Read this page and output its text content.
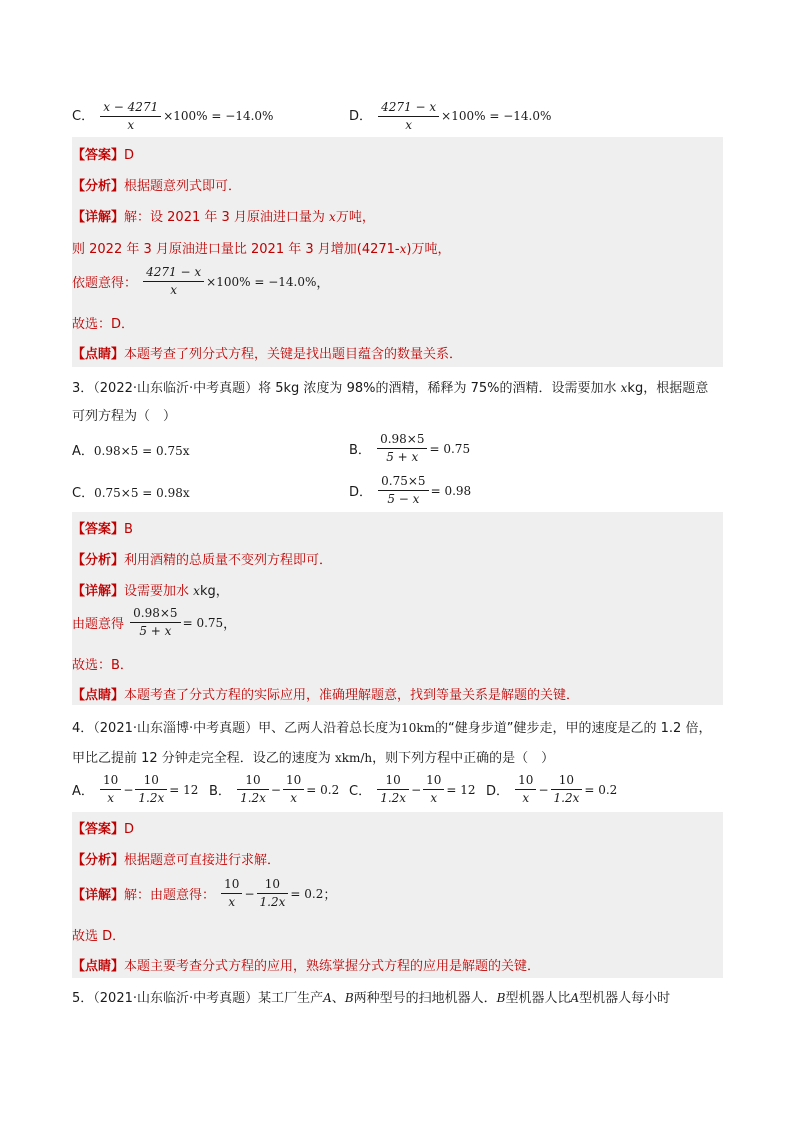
C． $\frac{x - 4271}{x} \times 100\% = -14.0\%$	D． $\frac{4271 - x}{x} \times 100\% = -14.0\%$
【答案】D
【分析】根据题意列式即可．
【详解】解：设 2021 年 3 月原油进口量为 x万吨，
则 2022 年 3 月原油进口量比 2021 年 3 月增加(4271-x)万吨，
依题意得： $\frac{4271 - x}{x} \times 100\% = -14.0\%$，
故选：D．
【点睛】本题考查了列分式方程，关键是找出题目蕴含的数量关系．
3．（2022·山东临沂·中考真题）将 5kg 浓度为 98%的酒精，稀释为 75%的酒精．设需要加水 xkg，根据题意
可列方程为（　）
A．0.98×5 = 0.75x	B． $\frac{0.98\times 5}{5 + x} = 0.75$
C．0.75×5 = 0.98x	D． $\frac{0.75\times 5}{5 - x} = 0.98$
【答案】B
【分析】利用酒精的总质量不变列方程即可．
【详解】设需要加水 xkg，
由题意得 $\frac{0.98\times 5}{5 + x} = 0.75$，
故选：B．
【点睛】本题考查了分式方程的实际应用，准确理解题意，找到等量关系是解题的关键．
4．（2021·山东淄博·中考真题）甲、乙两人沿着总长度为10km的“健身步道”健步走，甲的速度是乙的 1.2 倍，
甲比乙提前 12 分钟走完全程．设乙的速度为 xkm/h，则下列方程中正确的是（　）
A． $\frac{10}{x} - \frac{10}{1.2x} = 12$ B． $\frac{10}{1.2x} - \frac{10}{x} = 0.2$ C． $\frac{10}{1.2x} - \frac{10}{x} = 12$ D． $\frac{10}{x} - \frac{10}{1.2x} = 0.2$
【答案】D
【分析】根据题意可直接进行求解．
【详解】解：由题意得： $\frac{10}{x} - \frac{10}{1.2x} = 0.2$；
故选 D．
【点睛】本题主要考查分式方程的应用，熟练掌握分式方程的应用是解题的关键．
5．（2021·山东临沂·中考真题）某工厂生产A、B两种型号的扫地机器人．B型机器人比A型机器人每小时
